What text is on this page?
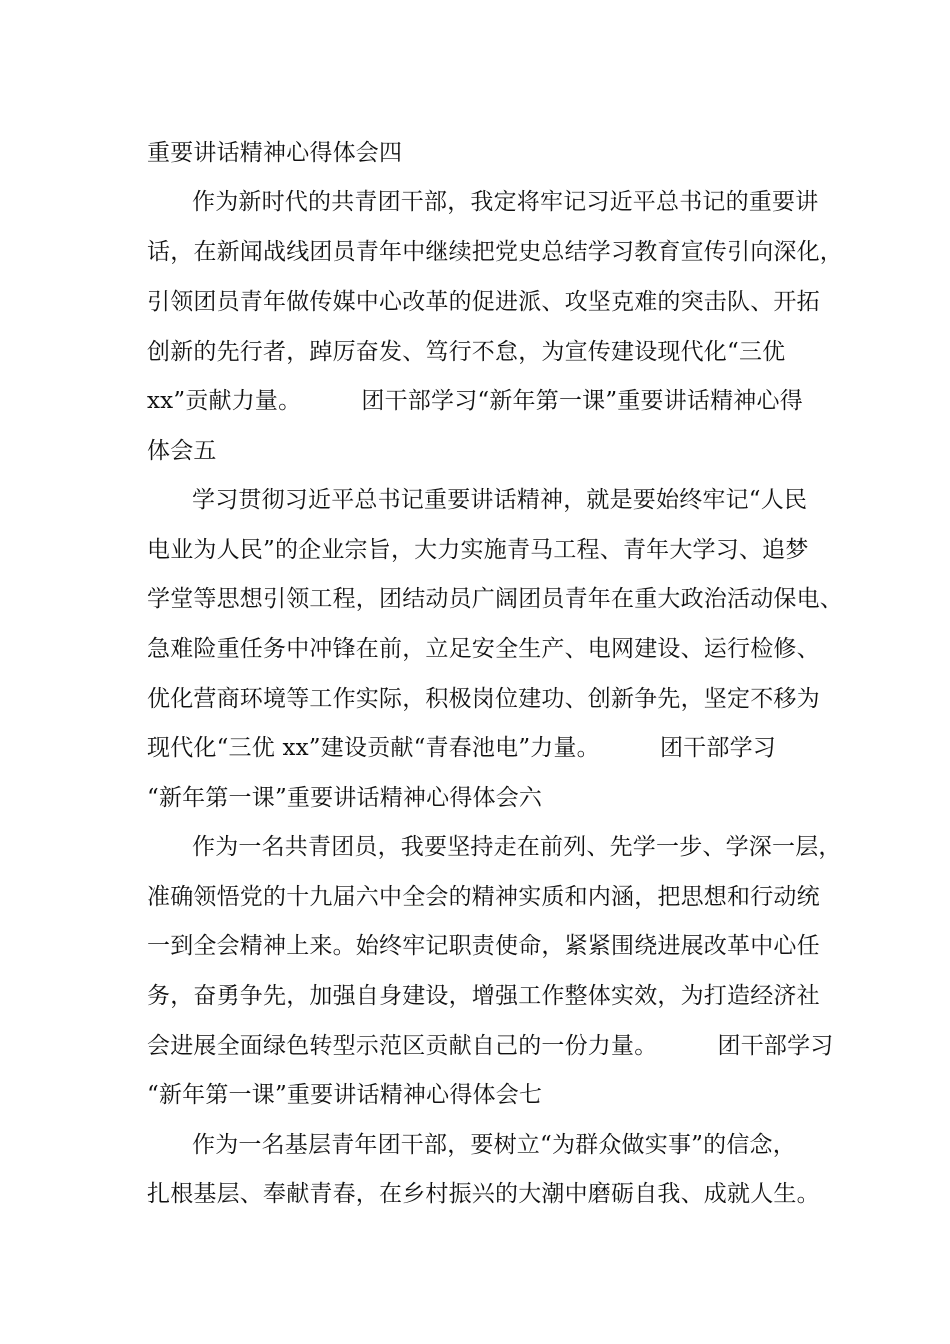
重要讲话精神心得体会四
作为新时代的共青团干部，我定将牢记习近平总书记的重要讲
话，在新闻战线团员青年中继续把党史总结学习教育宣传引向深化，
引领团员青年做传媒中心改革的促进派、攻坚克难的突击队、开拓
创新的先行者，踔厉奋发、笃行不怠，为宣传建设现代化“三优
xx”贡献力量。        团干部学习“新年第一课”重要讲话精神心得
体会五
学习贯彻习近平总书记重要讲话精神，就是要始终牢记“人民
电业为人民”的企业宗旨，大力实施青马工程、青年大学习、追梦
学堂等思想引领工程，团结动员广阔团员青年在重大政治活动保电、
急难险重任务中冲锋在前，立足安全生产、电网建设、运行检修、
优化营商环境等工作实际，积极岗位建功、创新争先，坚定不移为
现代化“三优 xx”建设贡献“青春池电”力量。        团干部学习
“新年第一课”重要讲话精神心得体会六
作为一名共青团员，我要坚持走在前列、先学一步、学深一层，
准确领悟党的十九届六中全会的精神实质和内涵，把思想和行动统
一到全会精神上来。始终牢记职责使命，紧紧围绕进展改革中心任
务，奋勇争先，加强自身建设，增强工作整体实效，为打造经济社
会进展全面绿色转型示范区贡献自己的一份力量。        团干部学习
“新年第一课”重要讲话精神心得体会七
作为一名基层青年团干部，要树立“为群众做实事”的信念，
扎根基层、奉献青春，在乡村振兴的大潮中磨砺自我、成就人生。
